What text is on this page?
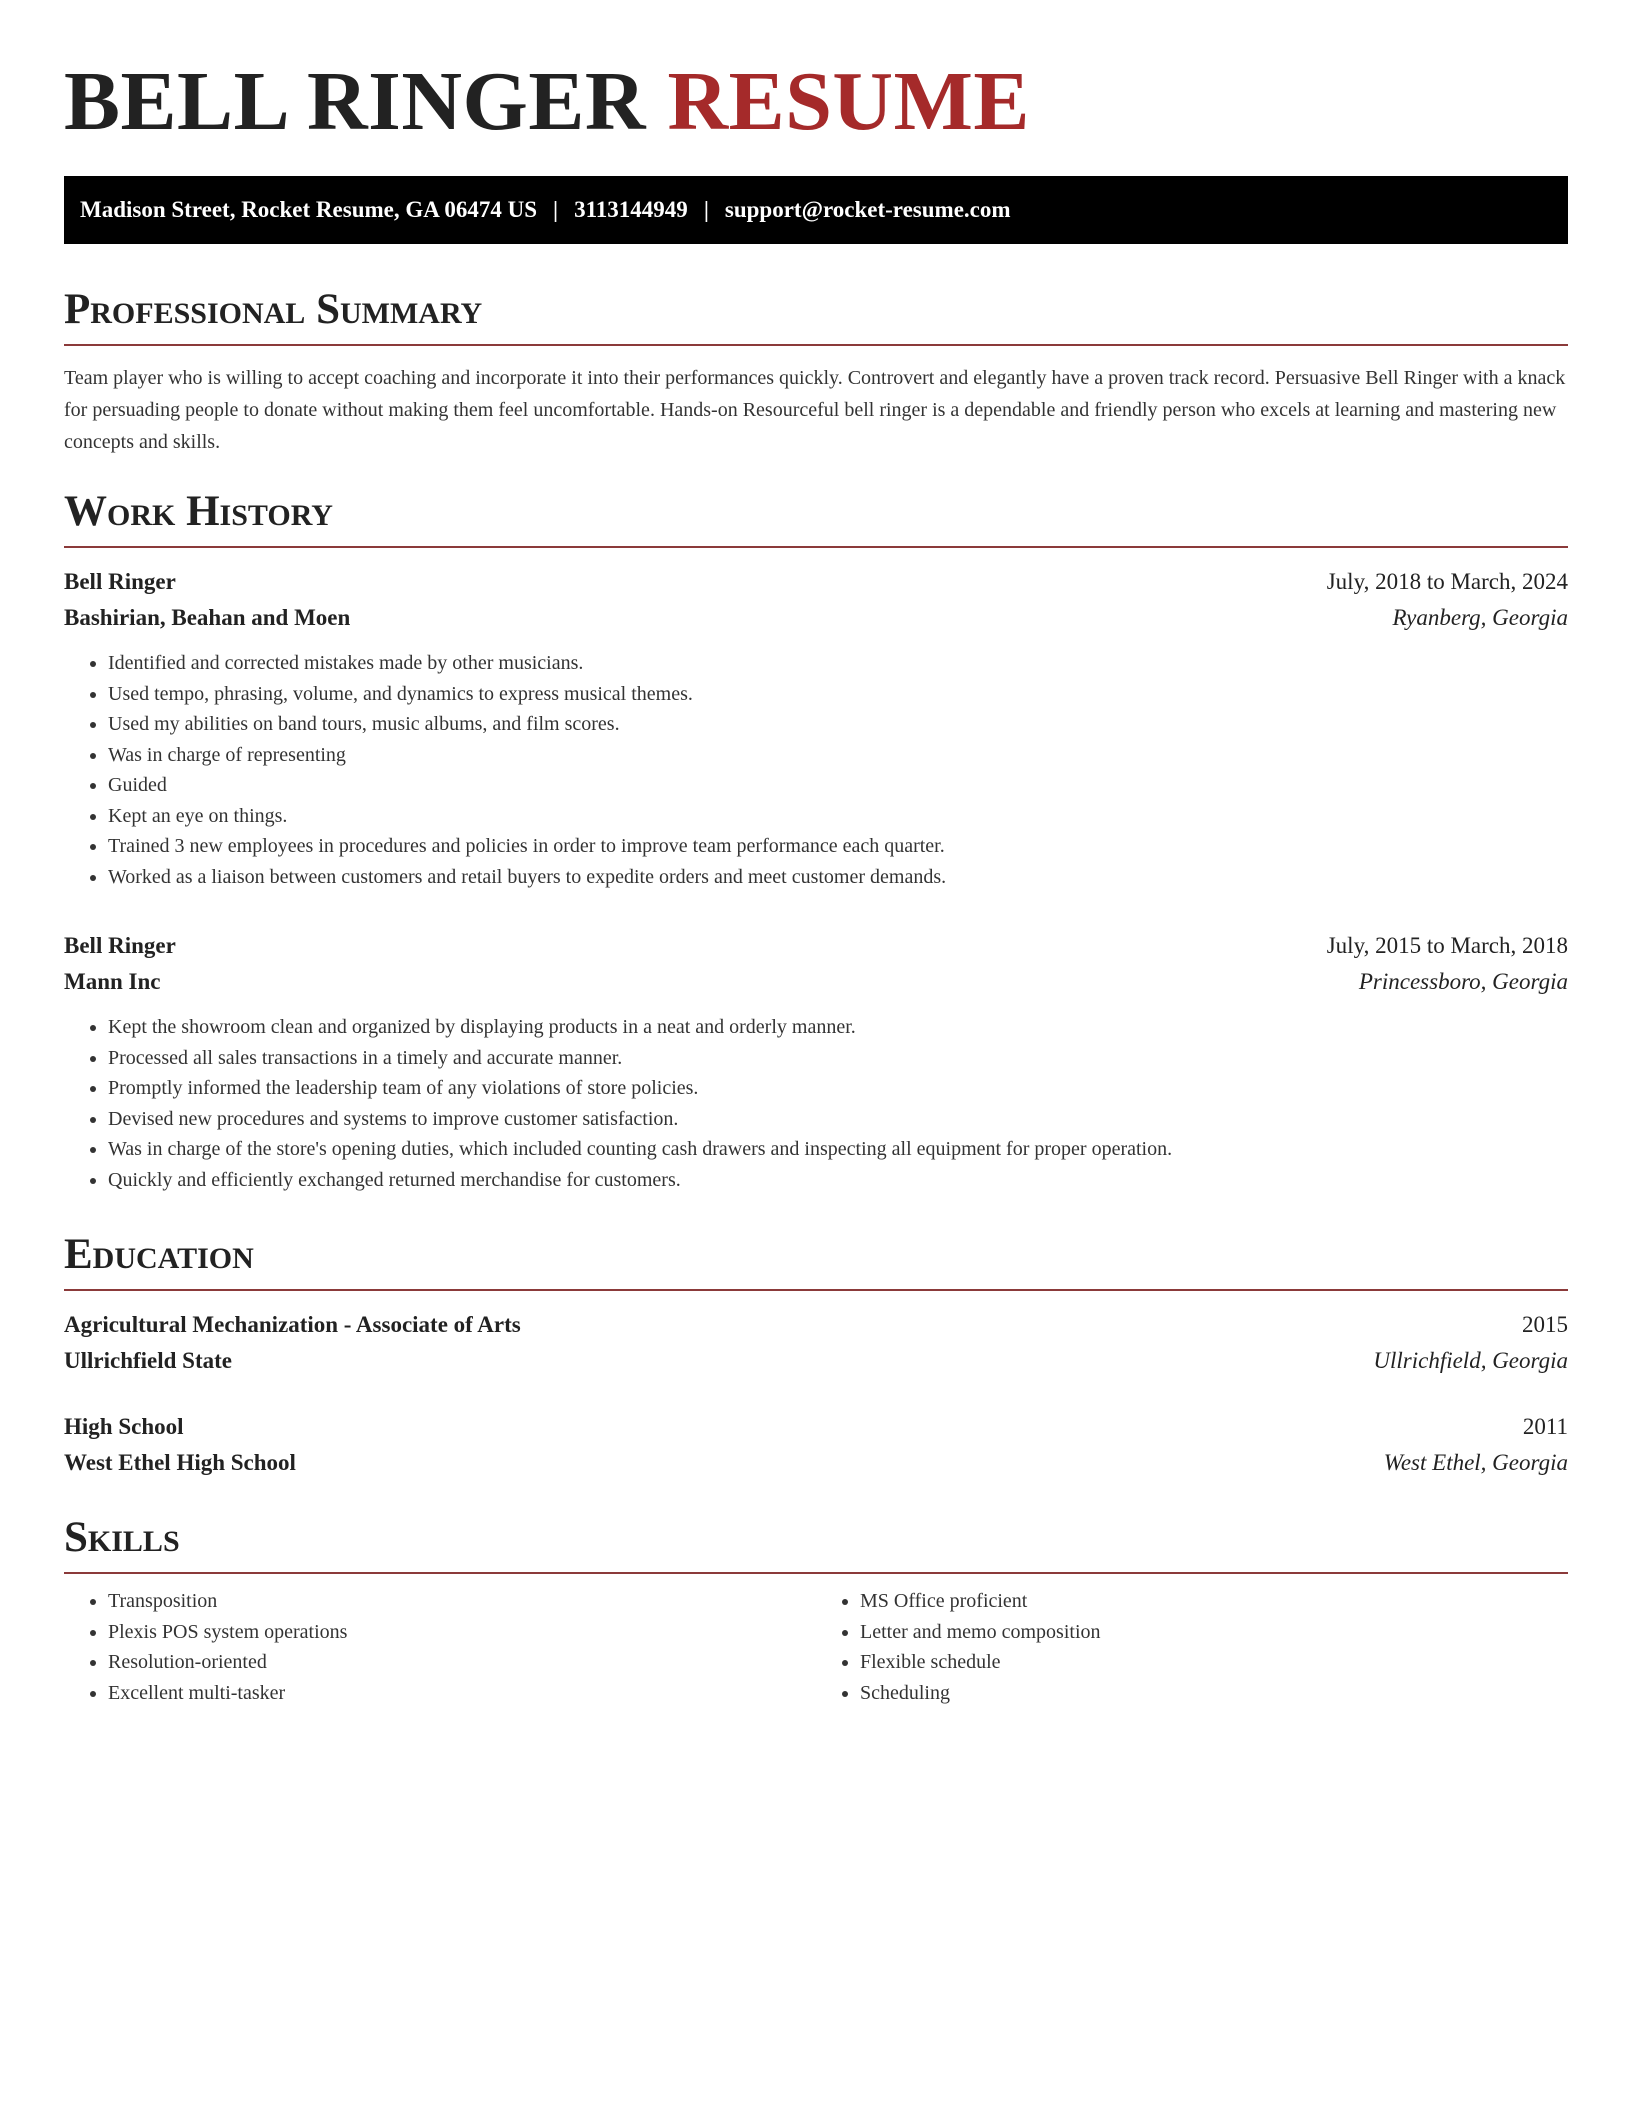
BELL RINGER RESUME
Madison Street, Rocket Resume, GA 06474 US | 3113144949 | support@rocket-resume.com
Professional Summary

Team player who is willing to accept coaching and incorporate it into their performances quickly. Controvert and elegantly have a proven track record. Persuasive Bell Ringer with a knack for persuading people to donate without making them feel uncomfortable. Hands-on Resourceful bell ringer is a dependable and friendly person who excels at learning and mastering new concepts and skills.

Work History
Bell Ringer	July, 2018 to March, 2024
Bashirian, Beahan and Moen	Ryanberg, Georgia
• Identified and corrected mistakes made by other musicians.
• Used tempo, phrasing, volume, and dynamics to express musical themes.
• Used my abilities on band tours, music albums, and film scores.
• Was in charge of representing
• Guided
• Kept an eye on things.
• Trained 3 new employees in procedures and policies in order to improve team performance each quarter.
• Worked as a liaison between customers and retail buyers to expedite orders and meet customer demands.
Bell Ringer	July, 2015 to March, 2018
Mann Inc	Princessboro, Georgia
• Kept the showroom clean and organized by displaying products in a neat and orderly manner.
• Processed all sales transactions in a timely and accurate manner.
• Promptly informed the leadership team of any violations of store policies.
• Devised new procedures and systems to improve customer satisfaction.
• Was in charge of the store's opening duties, which included counting cash drawers and inspecting all equipment for proper operation.
• Quickly and efficiently exchanged returned merchandise for customers.
Education
Agricultural Mechanization - Associate of Arts	2015
Ullrichfield State	Ullrichfield, Georgia
High School	2011
West Ethel High School	West Ethel, Georgia
Skills
• Transposition
• Plexis POS system operations
• Resolution-oriented
• Excellent multi-tasker
• MS Office proficient
• Letter and memo composition
• Flexible schedule
• Scheduling
